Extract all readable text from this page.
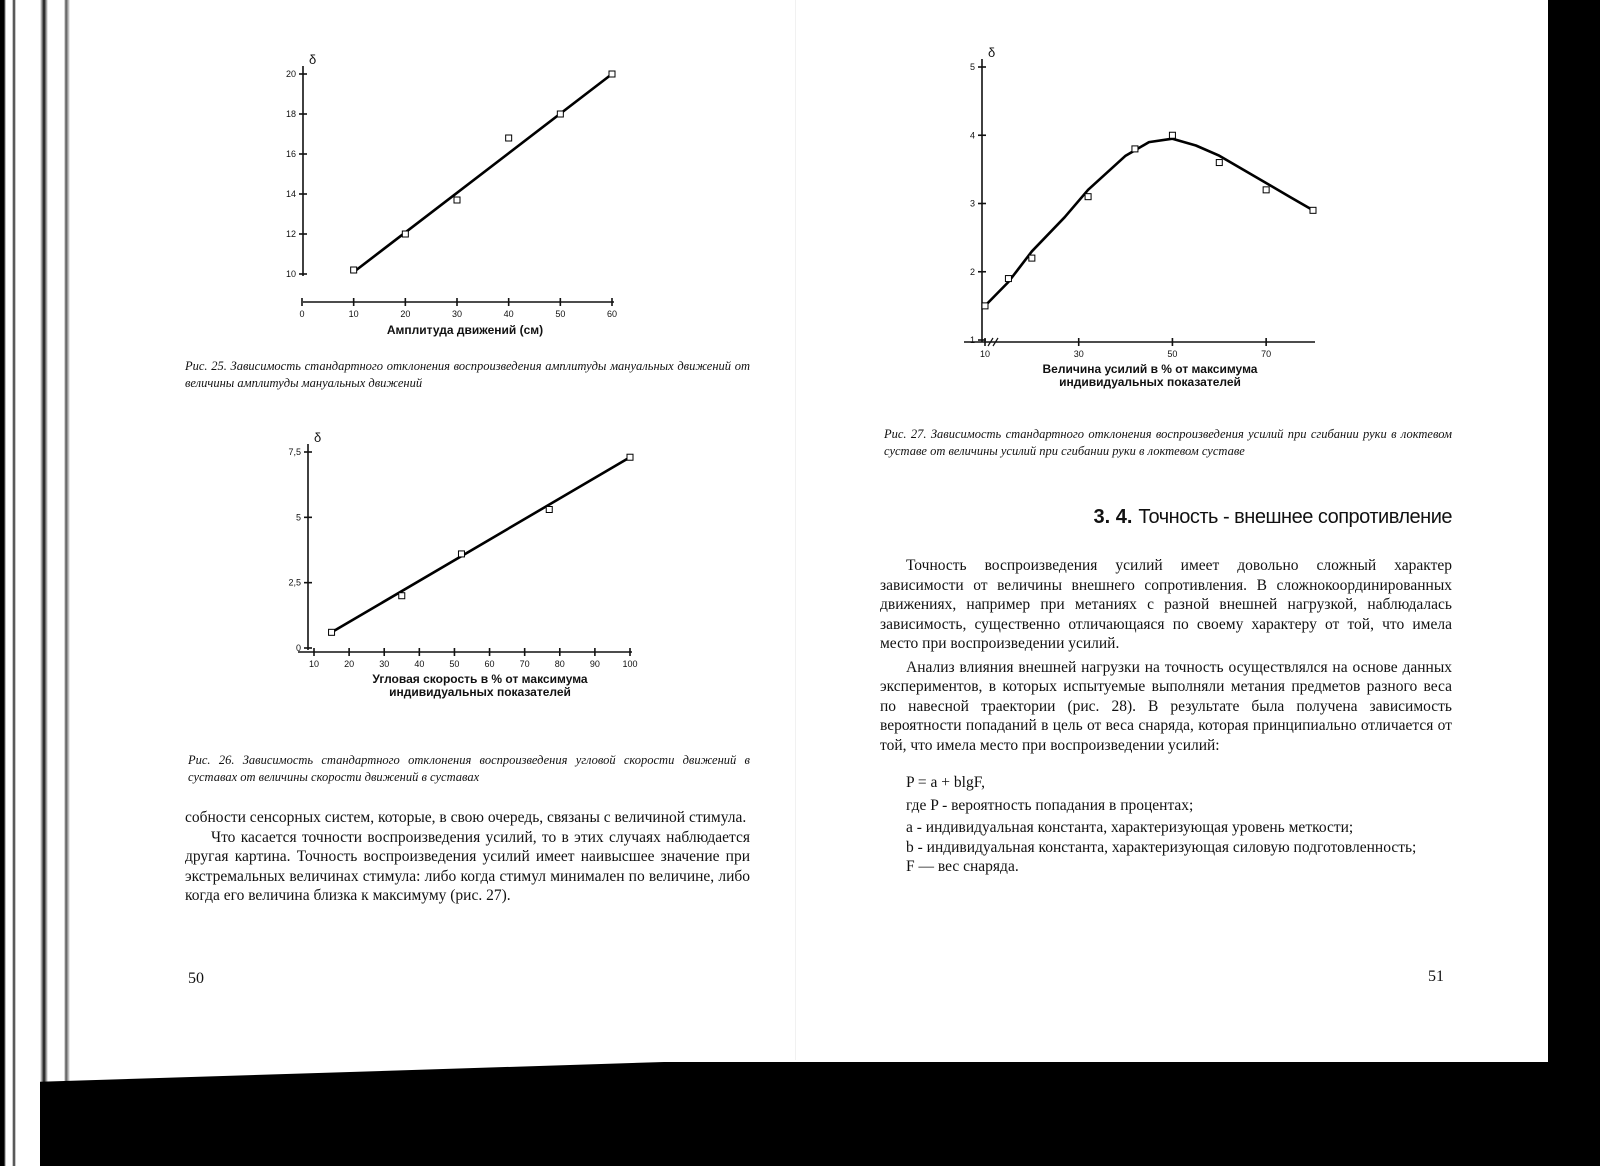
10
12
14
16
18
20
0	10	20	30	40	50	60
δ
Амплитуда движений (см)
Рис. 25. Зависимость стандартного отклонения воспроизведения амплитуды мануальных движений от величины амплитуды мануальных движений
0
2,5
5
7,5
10	20	30	40	50	60	70	80	90	100
δ
Угловая скорость в % от максимума
индивидуальных показателей
Рис. 26. Зависимость стандартного отклонения воспроизведения угловой скорости движений в суставах от величины скорости движений в суставах

собности сенсорных систем, которые, в свою очередь, связаны с величиной стимула.

Что касается точности воспроизведения усилий, то в этих случаях наблюдается другая картина. Точность воспроизведения усилий имеет наивысшее значение при экстремальных величинах стимула: либо когда стимул минимален по величине, либо когда его величина близка к максимуму (рис. 27).

50
1
2
3
4
5
10	30	50	70
δ
Величина усилий в % от максимума
индивидуальных показателей
Рис. 27. Зависимость стандартного отклонения воспроизведения усилий при сгибании руки в локтевом суставе от величины усилий при сгибании руки в локтевом суставе
3. 4. Точность - внешнее сопротивление

Точность воспроизведения усилий имеет довольно сложный характер зависимости от величины внешнего сопротивления. В сложнокоординированных движениях, например при метаниях с разной внешней нагрузкой, наблюдалась зависимость, существенно отличающаяся по своему характеру от той, что имела место при воспроизведении усилий.

Анализ влияния внешней нагрузки на точность осуществлялся на основе данных экспериментов, в которых испытуемые выполняли метания предметов разного веса по навесной траектории (рис. 28). В результате была получена зависимость вероятности попаданий в цель от веса снаряда, которая принципиально отличается от той, что имела место при воспроизведении усилий:

P = a + blgF,

где P - вероятность попадания в процентах;

a - индивидуальная константа, характеризующая уровень меткости;

b - индивидуальная константа, характеризующая силовую подготовленность;

F — вес снаряда.

51
